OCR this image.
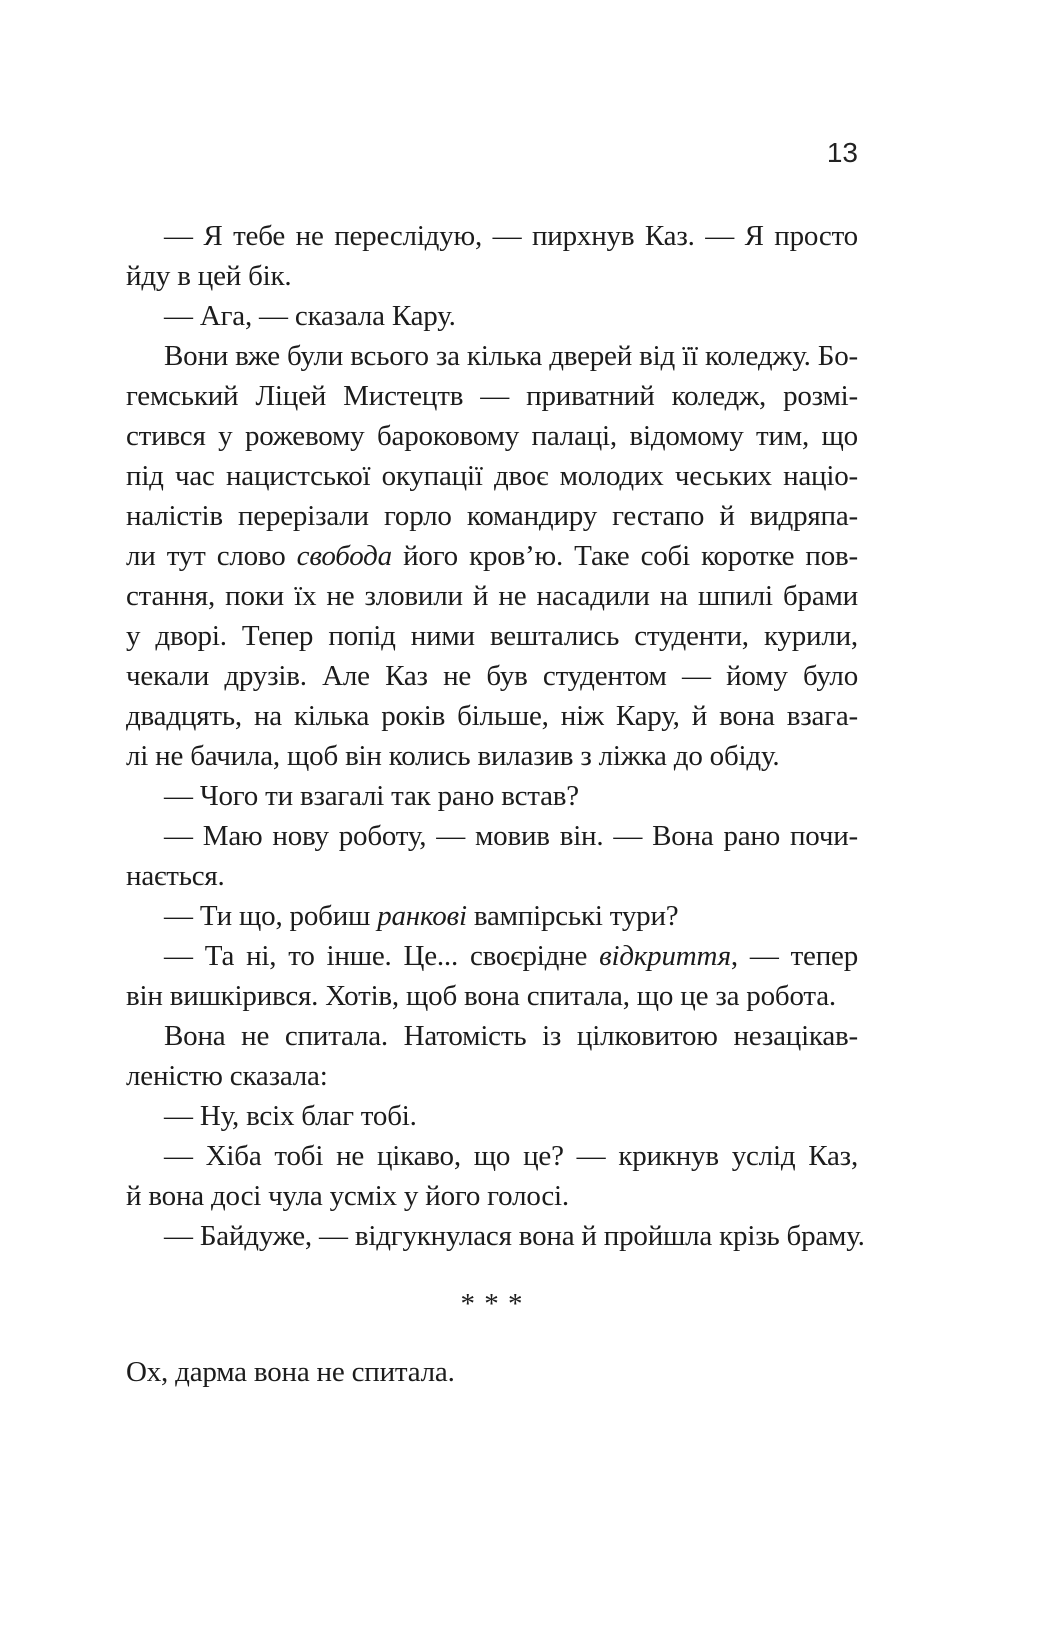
13
— Я тебе не переслідую, — пирхнув Каз. — Я просто
йду в цей бік.
— Ага, — сказала Кару.
Вони вже були всього за кілька дверей від її коледжу. Бо-
гемський Ліцей Мистецтв — приватний коледж, розмі-
стився у рожевому бароковому палаці, відомому тим, що
під час нацистської окупації двоє молодих чеських націо-
налістів перерізали горло командиру гестапо й видряпа-
ли тут слово свобода його кров’ю. Таке собі коротке пов-
стання, поки їх не зловили й не насадили на шпилі брами
у дворі. Тепер попід ними вештались студенти, курили,
чекали друзів. Але Каз не був студентом — йому було
двадцять, на кілька років більше, ніж Кару, й вона взага-
лі не бачила, щоб він колись вилазив з ліжка до обіду.
— Чого ти взагалі так рано встав?
— Маю нову роботу, — мовив він. — Вона рано почи-
нається.
— Ти що, робиш ранкові вампірські тури?
— Та ні, то інше. Це... своєрідне відкриття, — тепер
він вишкірився. Хотів, щоб вона спитала, що це за робота.
Вона не спитала. Натомість із цілковитою незацікав-
леністю сказала:
— Ну, всіх благ тобі.
— Хіба тобі не цікаво, що це? — крикнув услід Каз,
й вона досі чула усміх у його голосі.
— Байдуже, — відгукнулася вона й пройшла крізь браму.
* * *
Ох, дарма вона не спитала.
